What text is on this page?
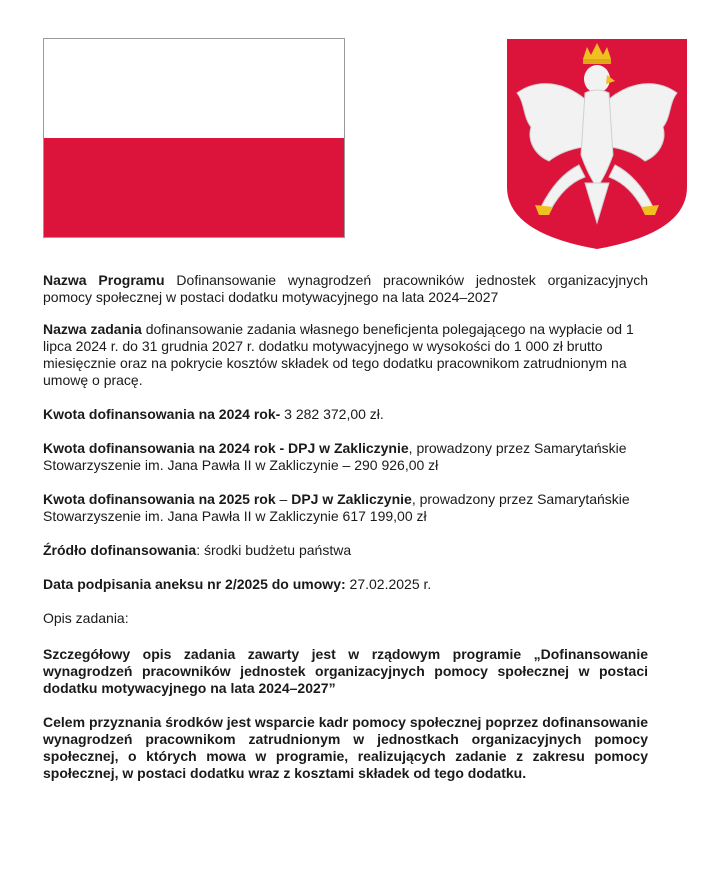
Nazwa Programu Dofinansowanie wynagrodzeń pracowników jednostek organizacyjnych pomocy społecznej w postaci dodatku motywacyjnego na lata 2024–2027

Nazwa zadania dofinansowanie zadania własnego beneficjenta polegającego na wypłacie od 1 lipca 2024 r. do 31 grudnia 2027 r. dodatku motywacyjnego w wysokości do 1 000 zł brutto miesięcznie oraz na pokrycie kosztów składek od tego dodatku pracownikom zatrudnionym na umowę o pracę.

Kwota dofinansowania na 2024 rok- 3 282 372,00 zł.

Kwota dofinansowania na 2024 rok - DPJ w Zakliczynie, prowadzony przez Samarytańskie Stowarzyszenie im. Jana Pawła II w Zakliczynie – 290 926,00 zł

Kwota dofinansowania na 2025 rok – DPJ w Zakliczynie, prowadzony przez Samarytańskie Stowarzyszenie im. Jana Pawła II w Zakliczynie 617 199,00 zł

Źródło dofinansowania: środki budżetu państwa

Data podpisania aneksu nr 2/2025 do umowy: 27.02.2025 r.

Opis zadania:

Szczegółowy opis zadania zawarty jest w rządowym programie „Dofinansowanie wynagrodzeń pracowników jednostek organizacyjnych pomocy społecznej w postaci dodatku motywacyjnego na lata 2024–2027”

Celem przyznania środków jest wsparcie kadr pomocy społecznej poprzez dofinansowanie wynagrodzeń pracownikom zatrudnionym w jednostkach organizacyjnych pomocy społecznej, o których mowa w programie, realizujących zadanie z zakresu pomocy społecznej, w postaci dodatku wraz z kosztami składek od tego dodatku.
